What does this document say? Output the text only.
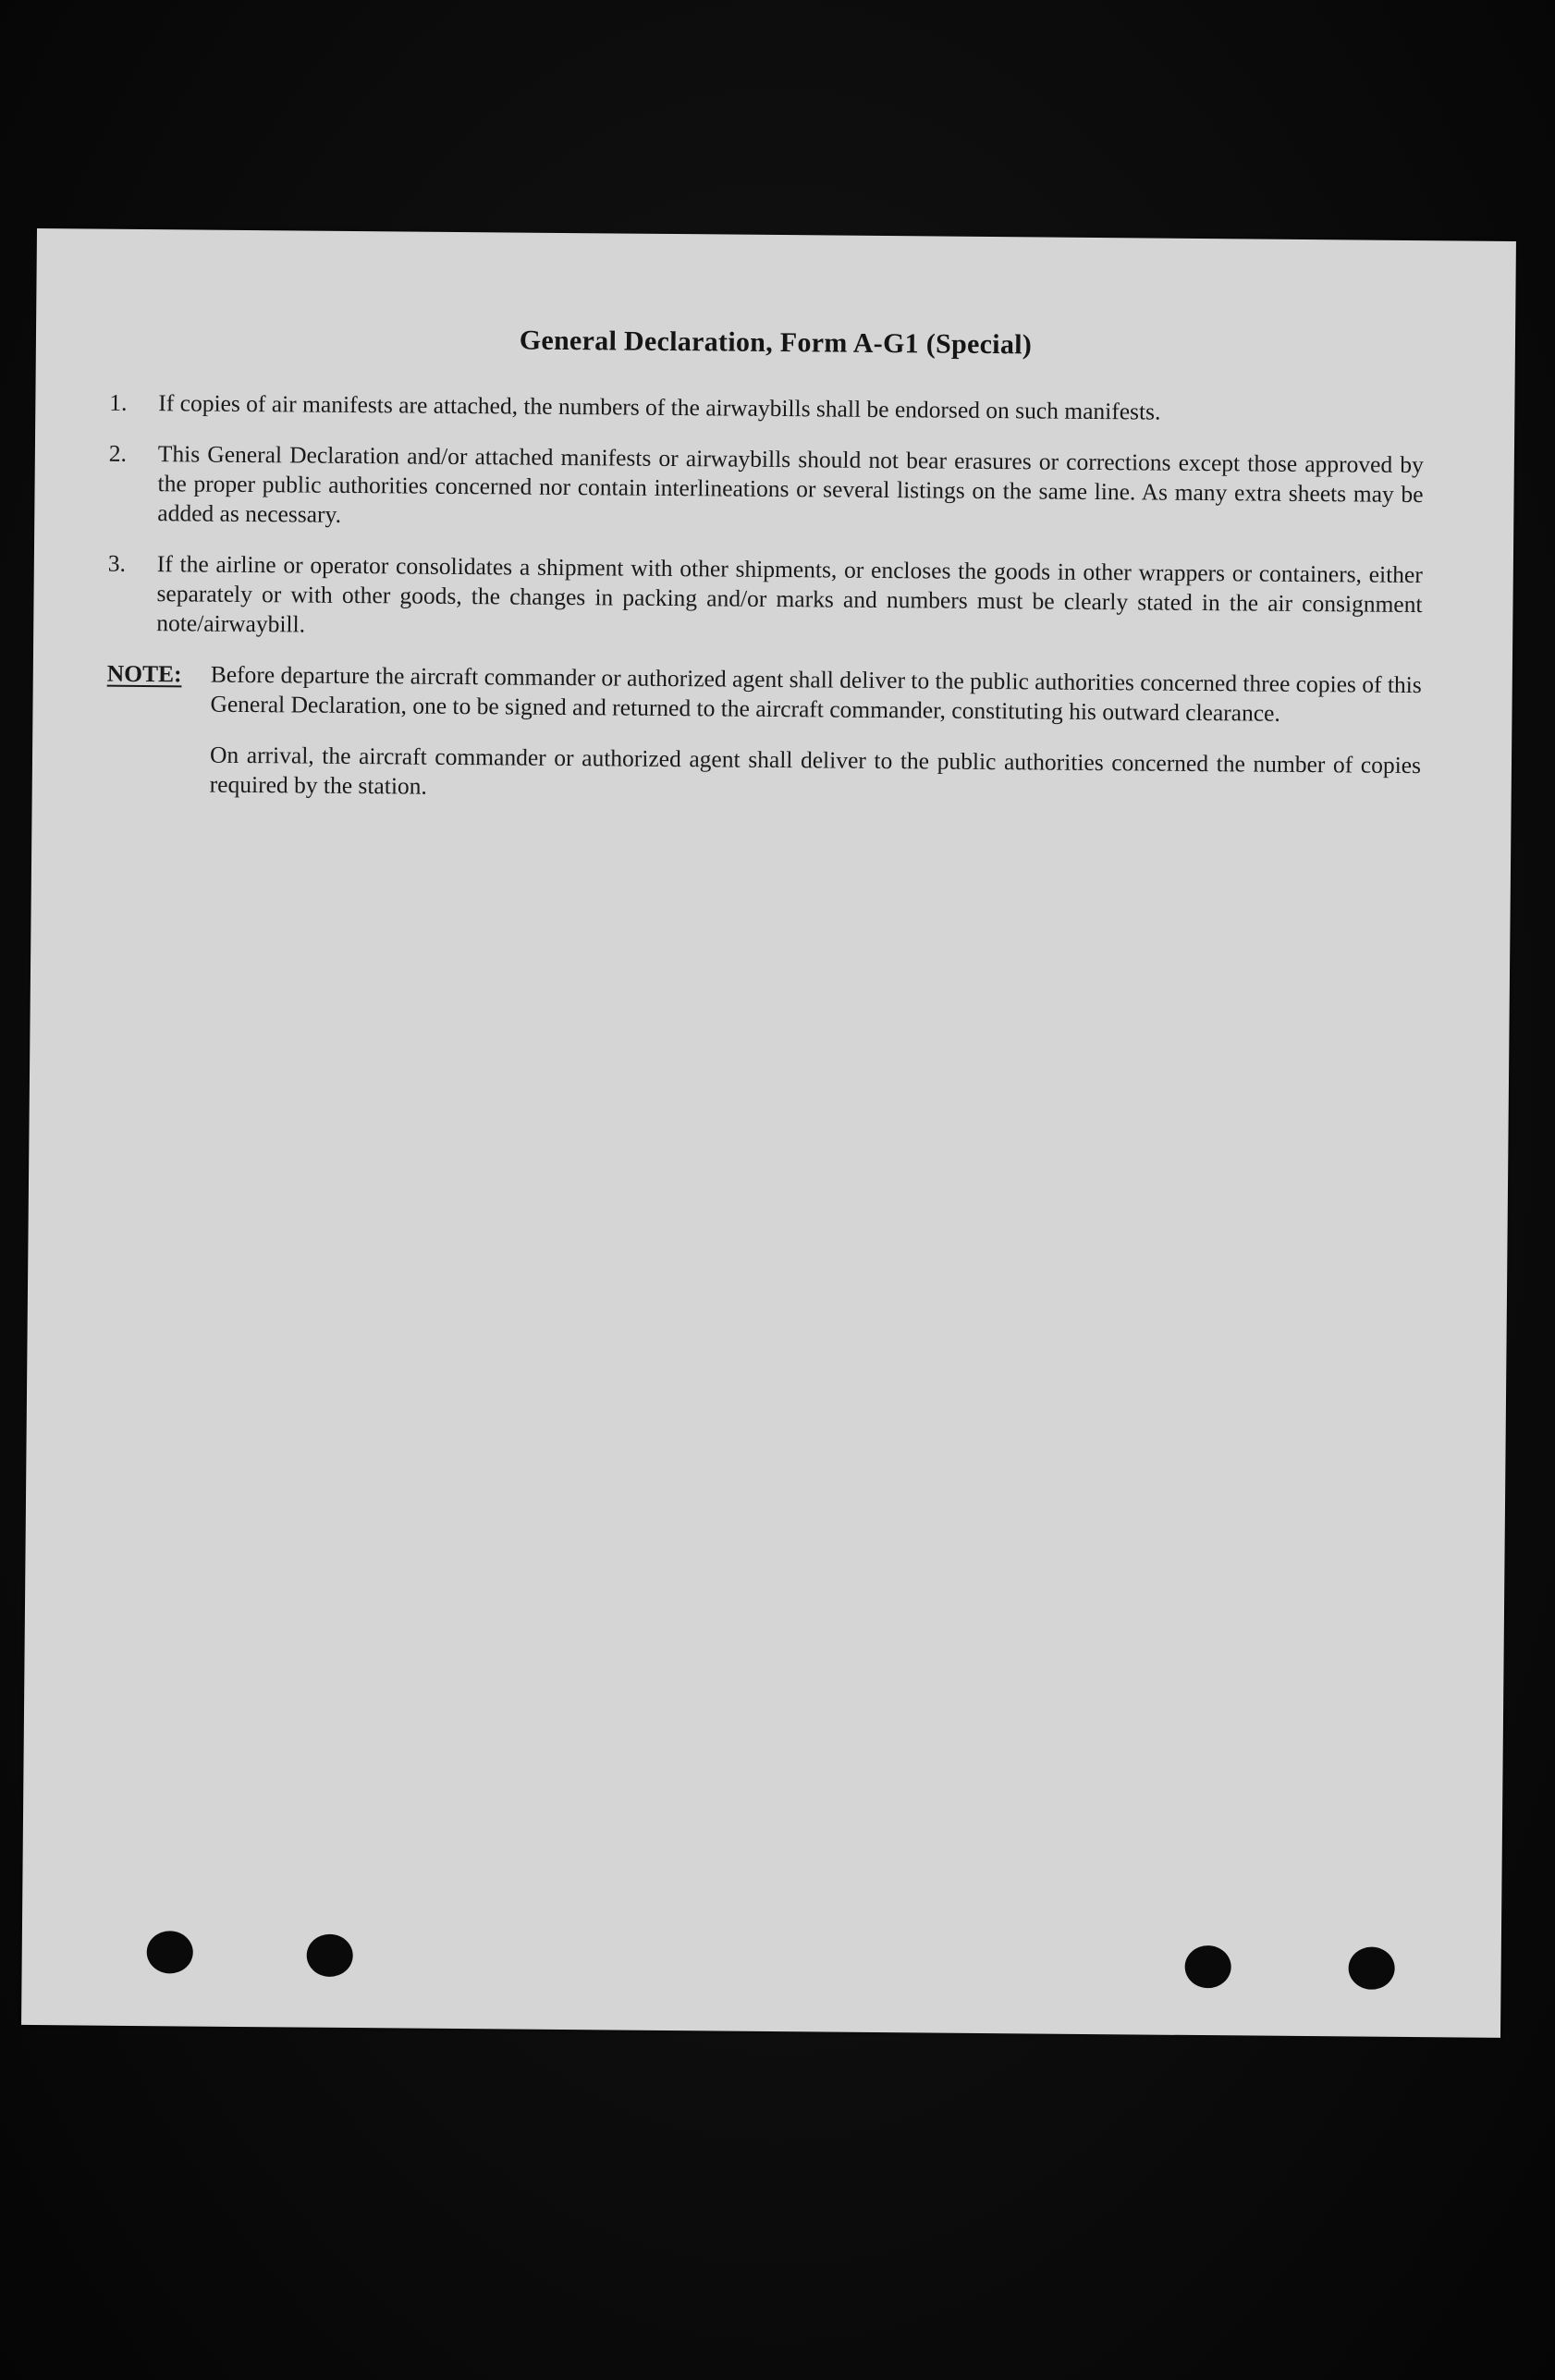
General Declaration, Form A-G1 (Special)
1. If copies of air manifests are attached, the numbers of the airwaybills shall be endorsed on such manifests.
2. This General Declaration and/or attached manifests or airwaybills should not bear erasures or corrections except those approved by the proper public authorities concerned nor contain interlineations or several listings on the same line. As many extra sheets may be added as necessary.
3. If the airline or operator consolidates a shipment with other shipments, or encloses the goods in other wrappers or containers, either separately or with other goods, the changes in packing and/or marks and numbers must be clearly stated in the air consignment note/airwaybill.
NOTE: Before departure the aircraft commander or authorized agent shall deliver to the public authorities concerned three copies of this General Declaration, one to be signed and returned to the aircraft commander, constituting his outward clearance.

On arrival, the aircraft commander or authorized agent shall deliver to the public authorities concerned the number of copies required by the station.
